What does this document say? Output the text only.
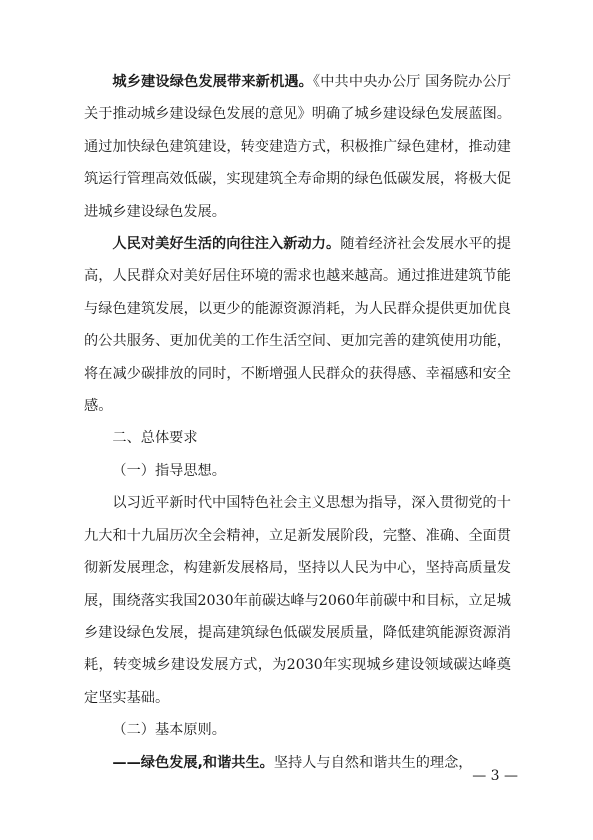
城乡建设绿色发展带来新机遇。《中共中央办公厅 国务院办公厅关于推动城乡建设绿色发展的意见》明确了城乡建设绿色发展蓝图。通过加快绿色建筑建设，转变建造方式，积极推广绿色建材，推动建筑运行管理高效低碳，实现建筑全寿命期的绿色低碳发展，将极大促进城乡建设绿色发展。

人民对美好生活的向往注入新动力。随着经济社会发展水平的提高，人民群众对美好居住环境的需求也越来越高。通过推进建筑节能与绿色建筑发展，以更少的能源资源消耗，为人民群众提供更加优良的公共服务、更加优美的工作生活空间、更加完善的建筑使用功能，将在减少碳排放的同时，不断增强人民群众的获得感、幸福感和安全感。

二、总体要求

（一）指导思想。

以习近平新时代中国特色社会主义思想为指导，深入贯彻党的十九大和十九届历次全会精神，立足新发展阶段，完整、准确、全面贯彻新发展理念，构建新发展格局，坚持以人民为中心，坚持高质量发展，围绕落实我国2030年前碳达峰与2060年前碳中和目标，立足城乡建设绿色发展，提高建筑绿色低碳发展质量，降低建筑能源资源消耗，转变城乡建设发展方式，为2030年实现城乡建设领域碳达峰奠定坚实基础。

（二）基本原则。

——绿色发展,和谐共生。坚持人与自然和谐共生的理念，

— 3 —
